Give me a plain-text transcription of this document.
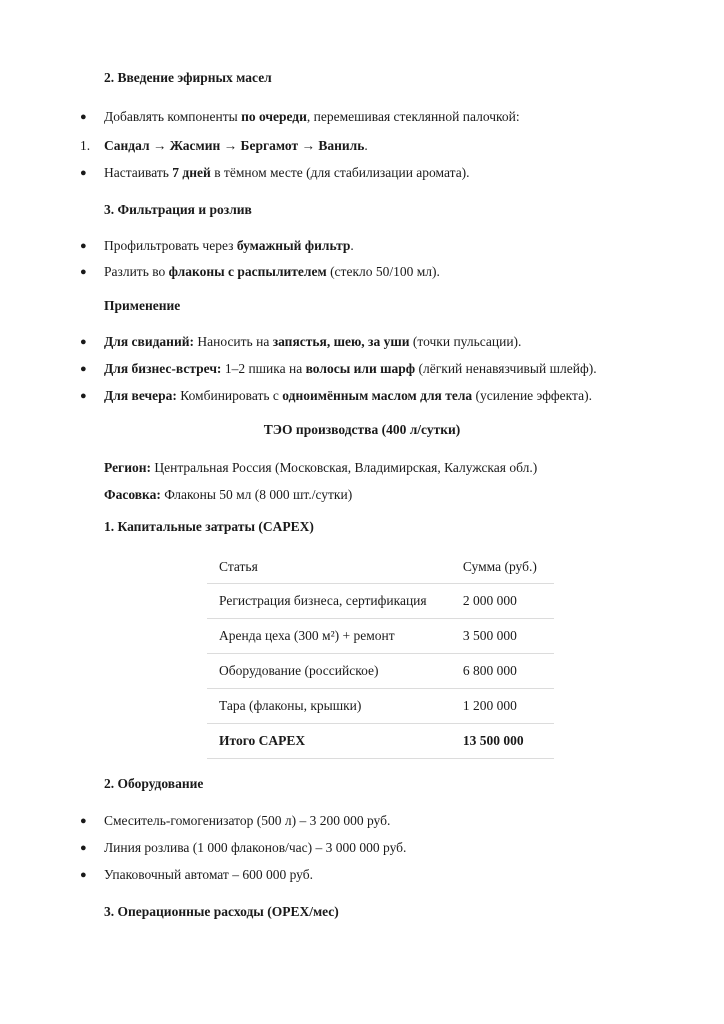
2. Введение эфирных масел
● Добавлять компоненты по очереди, перемешивая стеклянной палочкой:
1. Сандал → Жасмин → Бергамот → Ваниль.
● Настаивать 7 дней в тёмном месте (для стабилизации аромата).
3. Фильтрация и розлив
● Профильтровать через бумажный фильтр.
● Разлить во флаконы с распылителем (стекло 50/100 мл).
Применение
● Для свиданий: Наносить на запястья, шею, за уши (точки пульсации).
● Для бизнес-встреч: 1–2 пшика на волосы или шарф (лёгкий ненавязчивый шлейф).
● Для вечера: Комбинировать с одноимённым маслом для тела (усиление эффекта).
ТЭО производства (400 л/сутки)
Регион: Центральная Россия (Московская, Владимирская, Калужская обл.)
Фасовка: Флаконы 50 мл (8 000 шт./сутки)
1. Капитальные затраты (CAPEX)
Статья	Сумма (руб.)
Регистрация бизнеса, сертификация	2 000 000
Аренда цеха (300 м²) + ремонт	3 500 000
Оборудование (российское)	6 800 000
Тара (флаконы, крышки)	1 200 000
Итого CAPEX	13 500 000
2. Оборудование
● Смеситель-гомогенизатор (500 л) – 3 200 000 руб.
● Линия розлива (1 000 флаконов/час) – 3 000 000 руб.
● Упаковочный автомат – 600 000 руб.
3. Операционные расходы (OPEX/мес)
